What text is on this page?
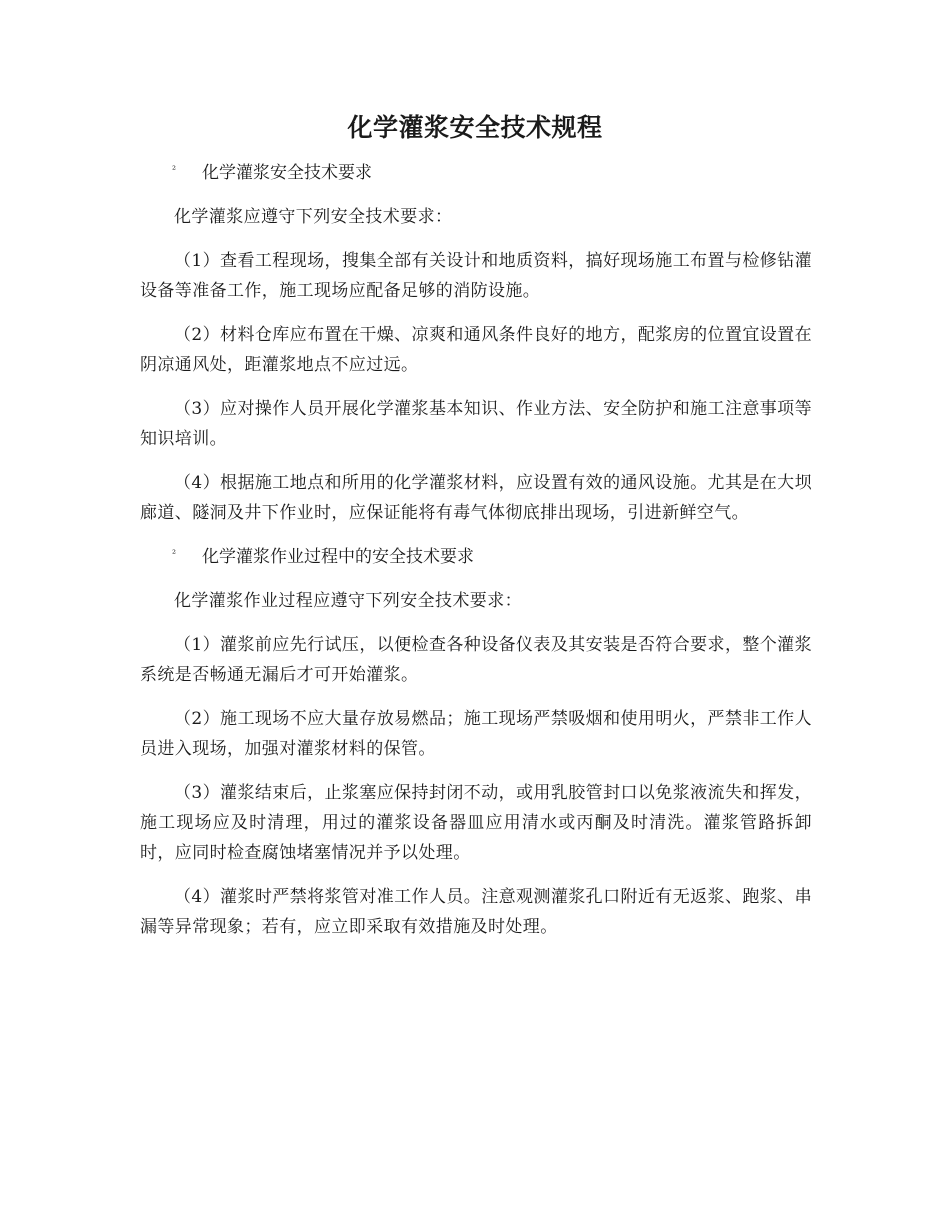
化学灌浆安全技术规程
² 化学灌浆安全技术要求

化学灌浆应遵守下列安全技术要求：

（1）查看工程现场，搜集全部有关设计和地质资料，搞好现场施工布置与检修钻灌设备等准备工作，施工现场应配备足够的消防设施。

（2）材料仓库应布置在干燥、凉爽和通风条件良好的地方，配浆房的位置宜设置在阴凉通风处，距灌浆地点不应过远。

（3）应对操作人员开展化学灌浆基本知识、作业方法、安全防护和施工注意事项等知识培训。

（4）根据施工地点和所用的化学灌浆材料，应设置有效的通风设施。尤其是在大坝廊道、隧洞及井下作业时，应保证能将有毒气体彻底排出现场，引进新鲜空气。

² 化学灌浆作业过程中的安全技术要求

化学灌浆作业过程应遵守下列安全技术要求：

（1）灌浆前应先行试压，以便检查各种设备仪表及其安装是否符合要求，整个灌浆系统是否畅通无漏后才可开始灌浆。

（2）施工现场不应大量存放易燃品；施工现场严禁吸烟和使用明火，严禁非工作人员进入现场，加强对灌浆材料的保管。

（3）灌浆结束后，止浆塞应保持封闭不动，或用乳胶管封口以免浆液流失和挥发，施工现场应及时清理，用过的灌浆设备器皿应用清水或丙酮及时清洗。灌浆管路拆卸时，应同时检查腐蚀堵塞情况并予以处理。

（4）灌浆时严禁将浆管对准工作人员。注意观测灌浆孔口附近有无返浆、跑浆、串漏等异常现象；若有，应立即采取有效措施及时处理。
